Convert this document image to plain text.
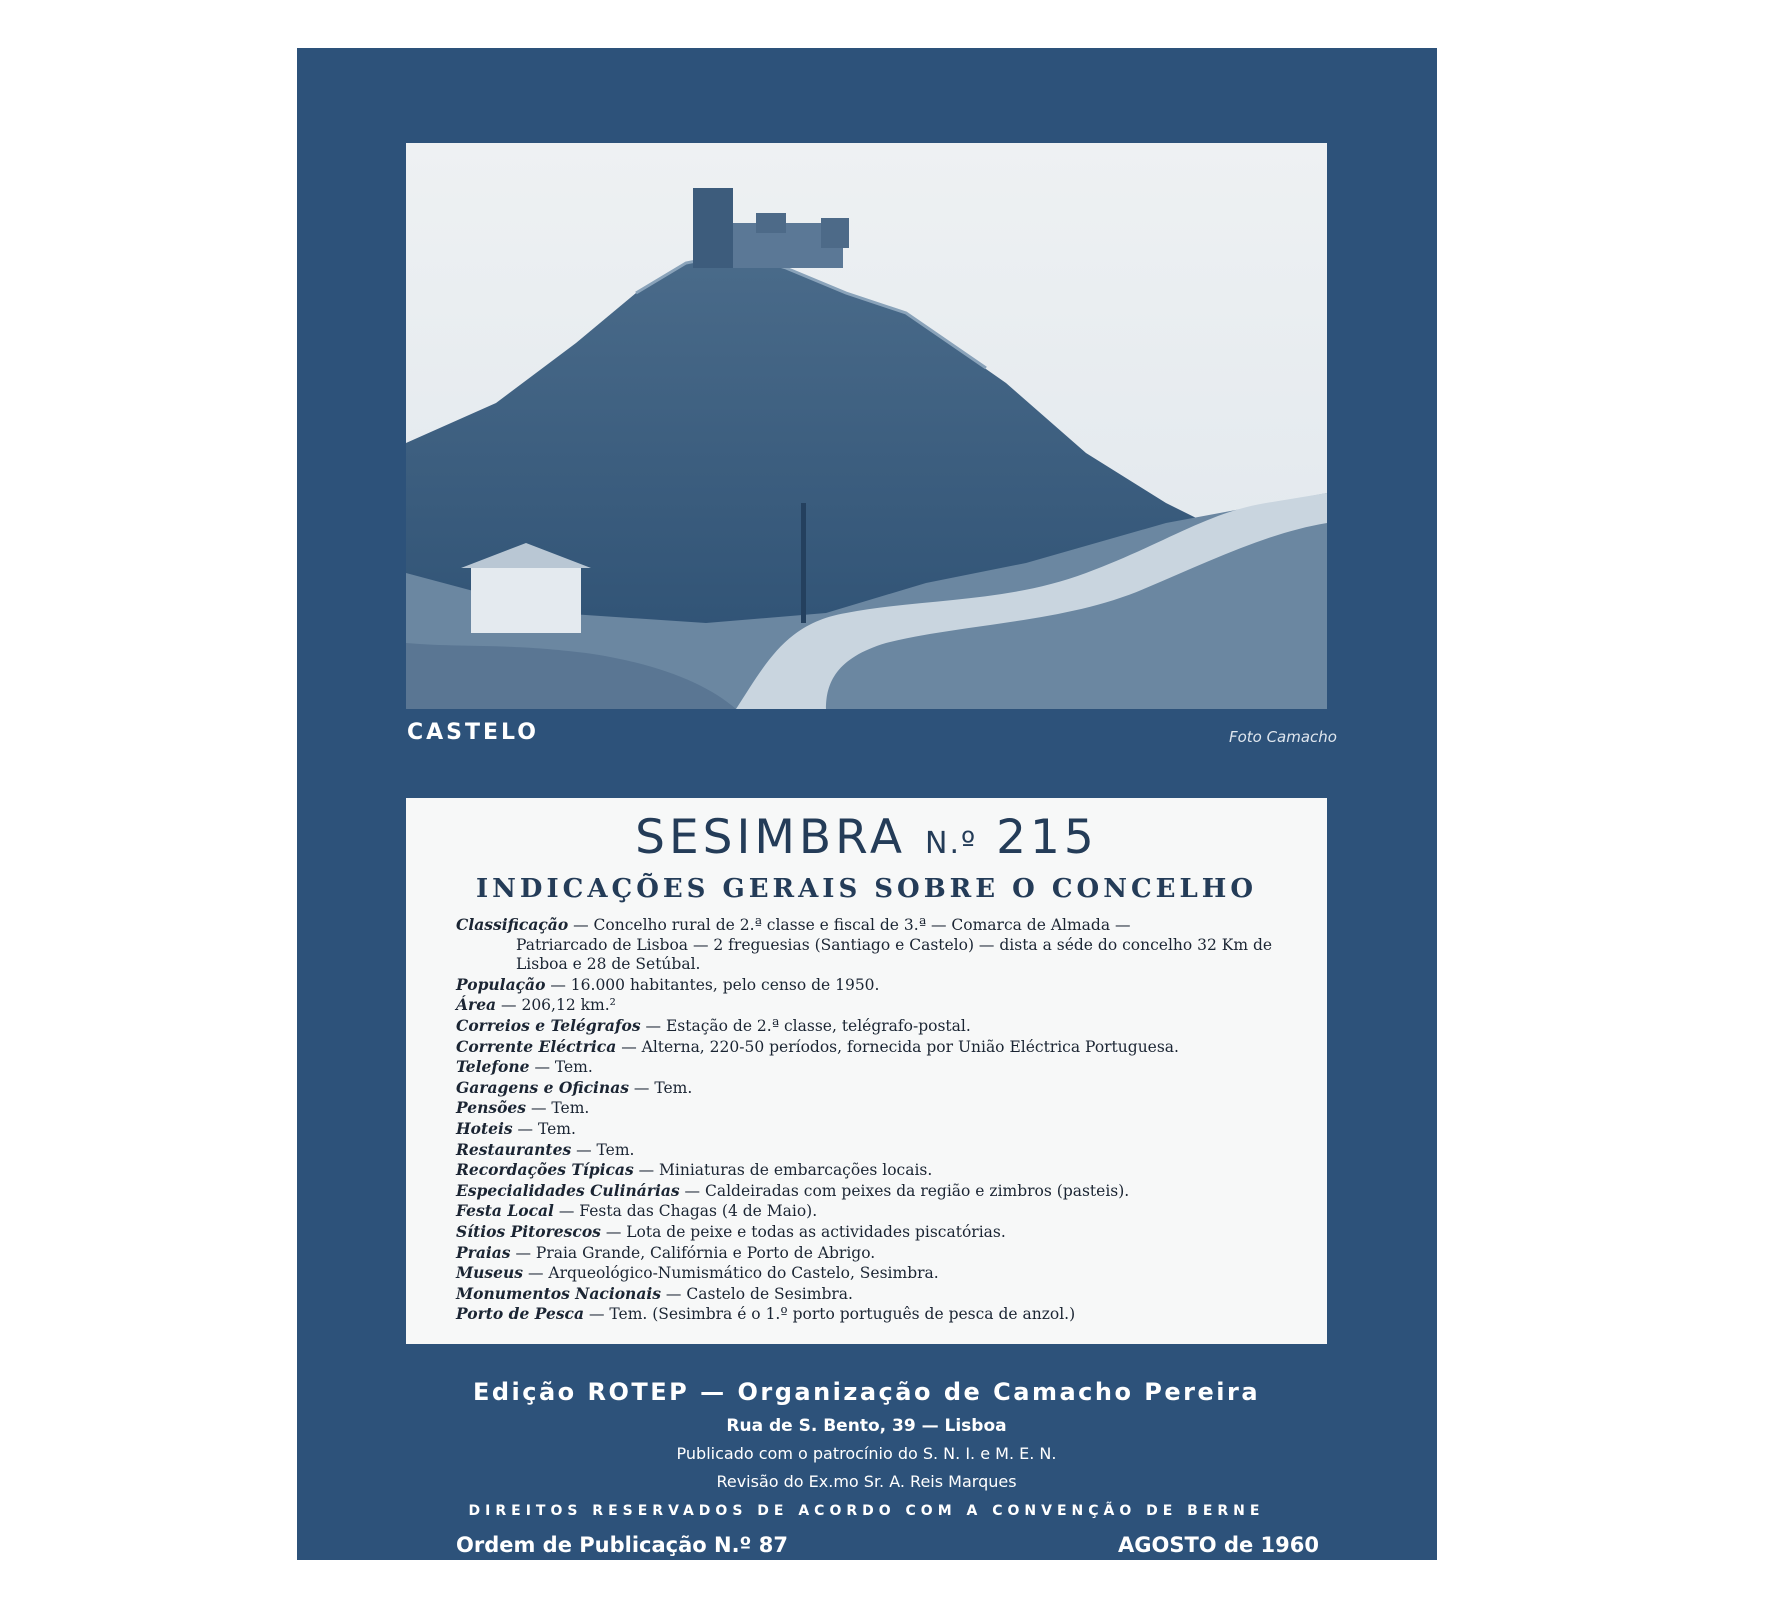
CASTELO	Foto Camacho
SESIMBRA N.º 215
INDICAÇÕES GERAIS SOBRE O CONCELHO

Classificação — Concelho rural de 2.ª classe e fiscal de 3.ª — Comarca de Almada —
Patriarcado de Lisboa — 2 freguesias (Santiago e Castelo) — dista a séde do concelho 32 Km de Lisboa e 28 de Setúbal.

População — 16.000 habitantes, pelo censo de 1950.

Área — 206,12 km.²

Correios e Telégrafos — Estação de 2.ª classe, telégrafo-postal.

Corrente Eléctrica — Alterna, 220-50 períodos, fornecida por União Eléctrica Portuguesa.

Telefone — Tem.

Garagens e Oficinas — Tem.

Pensões — Tem.

Hoteis — Tem.

Restaurantes — Tem.

Recordações Típicas — Miniaturas de embarcações locais.

Especialidades Culinárias — Caldeiradas com peixes da região e zimbros (pasteis).

Festa Local — Festa das Chagas (4 de Maio).

Sítios Pitorescos — Lota de peixe e todas as actividades piscatórias.

Praias — Praia Grande, Califórnia e Porto de Abrigo.

Museus — Arqueológico-Numismático do Castelo, Sesimbra.

Monumentos Nacionais — Castelo de Sesimbra.

Porto de Pesca — Tem. (Sesimbra é o 1.º porto português de pesca de anzol.)

Edição ROTEP — Organização de Camacho Pereira
Rua de S. Bento, 39 — Lisboa
Publicado com o patrocínio do S. N. I. e M. E. N.
Revisão do Ex.mo Sr. A. Reis Marques
DIREITOS RESERVADOS DE ACORDO COM A CONVENÇÃO DE BERNE
Ordem de Publicação N.º 87	AGOSTO de 1960
